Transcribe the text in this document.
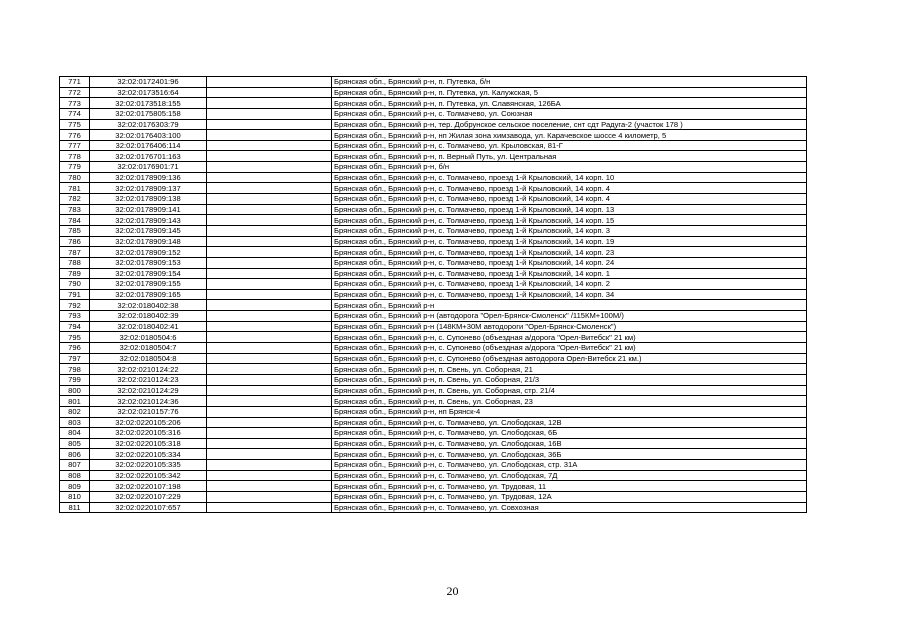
771	32:02:0172401:96		Брянская обл., Брянский р-н, п. Путевка, б/н
772	32:02:0173516:64		Брянская обл., Брянский р-н, п. Путевка, ул. Калужская, 5
773	32:02:0173518:155		Брянская обл., Брянский р-н, п. Путевка, ул. Славянская, 126БА
774	32:02:0175805:158		Брянская обл., Брянский р-н, с. Толмачево, ул. Союзная
775	32:02:0176303:79		Брянская обл., Брянский р-н, тер. Добрунское сельское поселение, снт сдт Радуга-2 (участок 178 )
776	32:02:0176403:100		Брянская обл., Брянский р-н, нп Жилая зона химзавода, ул. Карачевское шоссе 4 километр, 5
777	32:02:0176406:114		Брянская обл., Брянский р-н, с. Толмачево, ул. Крыловская, 81-Г
778	32:02:0176701:163		Брянская обл., Брянский р-н, п. Верный Путь, ул. Центральная
779	32:02:0176901:71		Брянская обл., Брянский р-н, б/н
780	32:02:0178909:136		Брянская обл., Брянский р-н, с. Толмачево, проезд 1-й Крыловский, 14 корп. 10
781	32:02:0178909:137		Брянская обл., Брянский р-н, с. Толмачево, проезд 1-й Крыловский, 14 корп. 4
782	32:02:0178909:138		Брянская обл., Брянский р-н, с. Толмачево, проезд 1-й Крыловский, 14 корп. 4
783	32:02:0178909:141		Брянская обл., Брянский р-н, с. Толмачево, проезд 1-й Крыловский, 14 корп. 13
784	32:02:0178909:143		Брянская обл., Брянский р-н, с. Толмачево, проезд 1-й Крыловский, 14 корп. 15
785	32:02:0178909:145		Брянская обл., Брянский р-н, с. Толмачево, проезд 1-й Крыловский, 14 корп. 3
786	32:02:0178909:148		Брянская обл., Брянский р-н, с. Толмачево, проезд 1-й Крыловский, 14 корп. 19
787	32:02:0178909:152		Брянская обл., Брянский р-н, с. Толмачево, проезд 1-й Крыловский, 14 корп. 23
788	32:02:0178909:153		Брянская обл., Брянский р-н, с. Толмачево, проезд 1-й Крыловский, 14 корп. 24
789	32:02:0178909:154		Брянская обл., Брянский р-н, с. Толмачево, проезд 1-й Крыловский, 14 корп. 1
790	32:02:0178909:155		Брянская обл., Брянский р-н, с. Толмачево, проезд 1-й Крыловский, 14 корп. 2
791	32:02:0178909:165		Брянская обл., Брянский р-н, с. Толмачево, проезд 1-й Крыловский, 14 корп. 34
792	32:02:0180402:38		Брянская обл., Брянский р-н
793	32:02:0180402:39		Брянская обл., Брянский р-н (автодорога "Орел-Брянск-Смоленск" /115КМ+100М/)
794	32:02:0180402:41		Брянская обл., Брянский р-н (148КМ+30М автодороги "Орел-Брянск-Смоленск")
795	32:02:0180504:6		Брянская обл., Брянский р-н, с. Супонево (объездная а/дорога "Орел-Витебск" 21 км)
796	32:02:0180504:7		Брянская обл., Брянский р-н, с. Супонево (объездная а/дорога "Орел-Витебск" 21 км)
797	32:02:0180504:8		Брянская обл., Брянский р-н, с. Супонево (объездная автодорога Орел-Витебск 21 км.)
798	32:02:0210124:22		Брянская обл., Брянский р-н, п. Свень, ул. Соборная, 21
799	32:02:0210124:23		Брянская обл., Брянский р-н, п. Свень, ул. Соборная, 21/3
800	32:02:0210124:29		Брянская обл., Брянский р-н, п. Свень, ул. Соборная, стр. 21/4
801	32:02:0210124:36		Брянская обл., Брянский р-н, п. Свень, ул. Соборная, 23
802	32:02:0210157:76		Брянская обл., Брянский р-н, нп Брянск-4
803	32:02:0220105:206		Брянская обл., Брянский р-н, с. Толмачево, ул. Слободская, 12В
804	32:02:0220105:316		Брянская обл., Брянский р-н, с. Толмачево, ул. Слободская, 6Б
805	32:02:0220105:318		Брянская обл., Брянский р-н, с. Толмачево, ул. Слободская, 16В
806	32:02:0220105:334		Брянская обл., Брянский р-н, с. Толмачево, ул. Слободская, 36Б
807	32:02:0220105:335		Брянская обл., Брянский р-н, с. Толмачево, ул. Слободская, стр. 31А
808	32:02:0220105:342		Брянская обл., Брянский р-н, с. Толмачево, ул. Слободская, 7Д
809	32:02:0220107:198		Брянская обл., Брянский р-н, с. Толмачево, ул. Трудовая, 11
810	32:02:0220107:229		Брянская обл., Брянский р-н, с. Толмачево, ул. Трудовая, 12А
811	32:02:0220107:657		Брянская обл., Брянский р-н, с. Толмачево, ул. Совхозная
20
